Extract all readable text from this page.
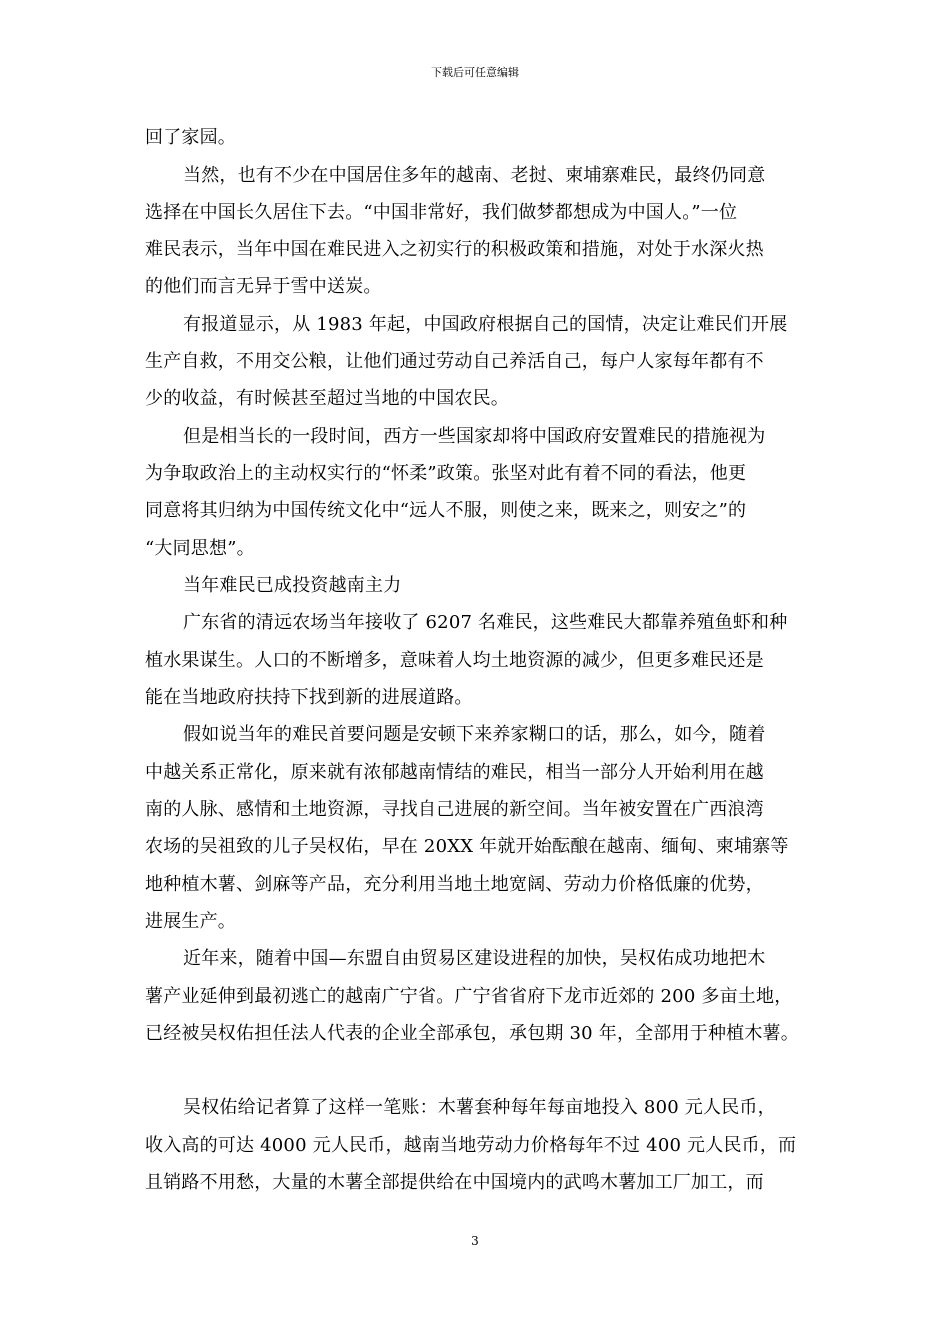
下载后可任意编辑
回了家园。
当然，也有不少在中国居住多年的越南、老挝、柬埔寨难民，最终仍同意
选择在中国长久居住下去。“中国非常好，我们做梦都想成为中国人。”一位
难民表示，当年中国在难民进入之初实行的积极政策和措施，对处于水深火热
的他们而言无异于雪中送炭。
有报道显示，从 1983 年起，中国政府根据自己的国情，决定让难民们开展
生产自救，不用交公粮，让他们通过劳动自己养活自己，每户人家每年都有不
少的收益，有时候甚至超过当地的中国农民。
但是相当长的一段时间，西方一些国家却将中国政府安置难民的措施视为
为争取政治上的主动权实行的“怀柔”政策。张坚对此有着不同的看法，他更
同意将其归纳为中国传统文化中“远人不服，则使之来，既来之，则安之”的
“大同思想”。
当年难民已成投资越南主力
广东省的清远农场当年接收了 6207 名难民，这些难民大都靠养殖鱼虾和种
植水果谋生。人口的不断增多，意味着人均土地资源的减少，但更多难民还是
能在当地政府扶持下找到新的进展道路。
假如说当年的难民首要问题是安顿下来养家糊口的话，那么，如今，随着
中越关系正常化，原来就有浓郁越南情结的难民，相当一部分人开始利用在越
南的人脉、感情和土地资源，寻找自己进展的新空间。当年被安置在广西浪湾
农场的吴祖致的儿子吴权佑，早在 20XX 年就开始酝酿在越南、缅甸、柬埔寨等
地种植木薯、剑麻等产品，充分利用当地土地宽阔、劳动力价格低廉的优势，
进展生产。
近年来，随着中国—东盟自由贸易区建设进程的加快，吴权佑成功地把木
薯产业延伸到最初逃亡的越南广宁省。广宁省省府下龙市近郊的 200 多亩土地，
已经被吴权佑担任法人代表的企业全部承包，承包期 30 年，全部用于种植木薯。
吴权佑给记者算了这样一笔账：木薯套种每年每亩地投入 800 元人民币，
收入高的可达 4000 元人民币，越南当地劳动力价格每年不过 400 元人民币，而
且销路不用愁，大量的木薯全部提供给在中国境内的武鸣木薯加工厂加工，而
3
